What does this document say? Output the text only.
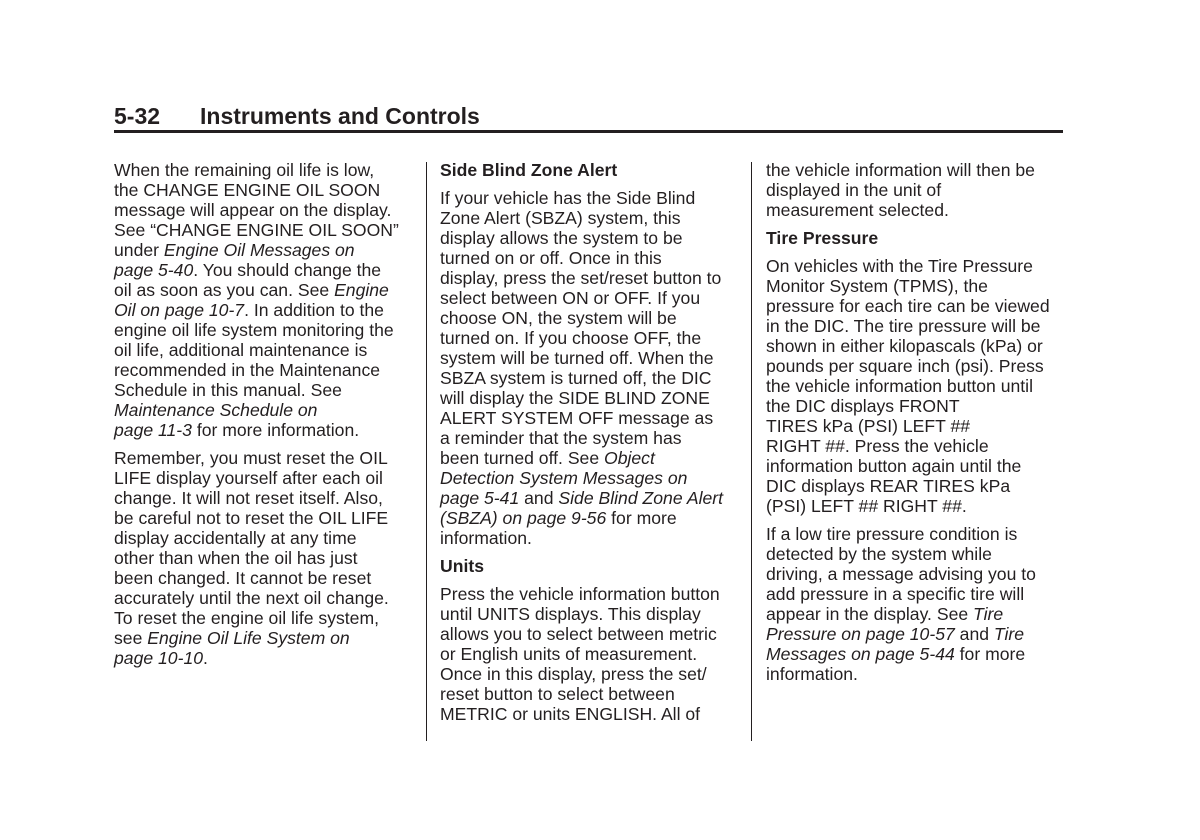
5-32 Instruments and Controls
When the remaining oil life is low,
the CHANGE ENGINE OIL SOON
message will appear on the display.
See “CHANGE ENGINE OIL SOON”
under Engine Oil Messages on
page 5-40. You should change the
oil as soon as you can. See Engine
Oil on page 10-7. In addition to the
engine oil life system monitoring the
oil life, additional maintenance is
recommended in the Maintenance
Schedule in this manual. See
Maintenance Schedule on
page 11-3 for more information.
Remember, you must reset the OIL
LIFE display yourself after each oil
change. It will not reset itself. Also,
be careful not to reset the OIL LIFE
display accidentally at any time
other than when the oil has just
been changed. It cannot be reset
accurately until the next oil change.
To reset the engine oil life system,
see Engine Oil Life System on
page 10-10.
Side Blind Zone Alert
If your vehicle has the Side Blind
Zone Alert (SBZA) system, this
display allows the system to be
turned on or off. Once in this
display, press the set/reset button to
select between ON or OFF. If you
choose ON, the system will be
turned on. If you choose OFF, the
system will be turned off. When the
SBZA system is turned off, the DIC
will display the SIDE BLIND ZONE
ALERT SYSTEM OFF message as
a reminder that the system has
been turned off. See Object
Detection System Messages on
page 5-41 and Side Blind Zone Alert
(SBZA) on page 9-56 for more
information.
Units
Press the vehicle information button
until UNITS displays. This display
allows you to select between metric
or English units of measurement.
Once in this display, press the set/
reset button to select between
METRIC or units ENGLISH. All of
the vehicle information will then be
displayed in the unit of
measurement selected.
Tire Pressure
On vehicles with the Tire Pressure
Monitor System (TPMS), the
pressure for each tire can be viewed
in the DIC. The tire pressure will be
shown in either kilopascals (kPa) or
pounds per square inch (psi). Press
the vehicle information button until
the DIC displays FRONT
TIRES kPa (PSI) LEFT ##
RIGHT ##. Press the vehicle
information button again until the
DIC displays REAR TIRES kPa
(PSI) LEFT ## RIGHT ##.
If a low tire pressure condition is
detected by the system while
driving, a message advising you to
add pressure in a specific tire will
appear in the display. See Tire
Pressure on page 10-57 and Tire
Messages on page 5-44 for more
information.
